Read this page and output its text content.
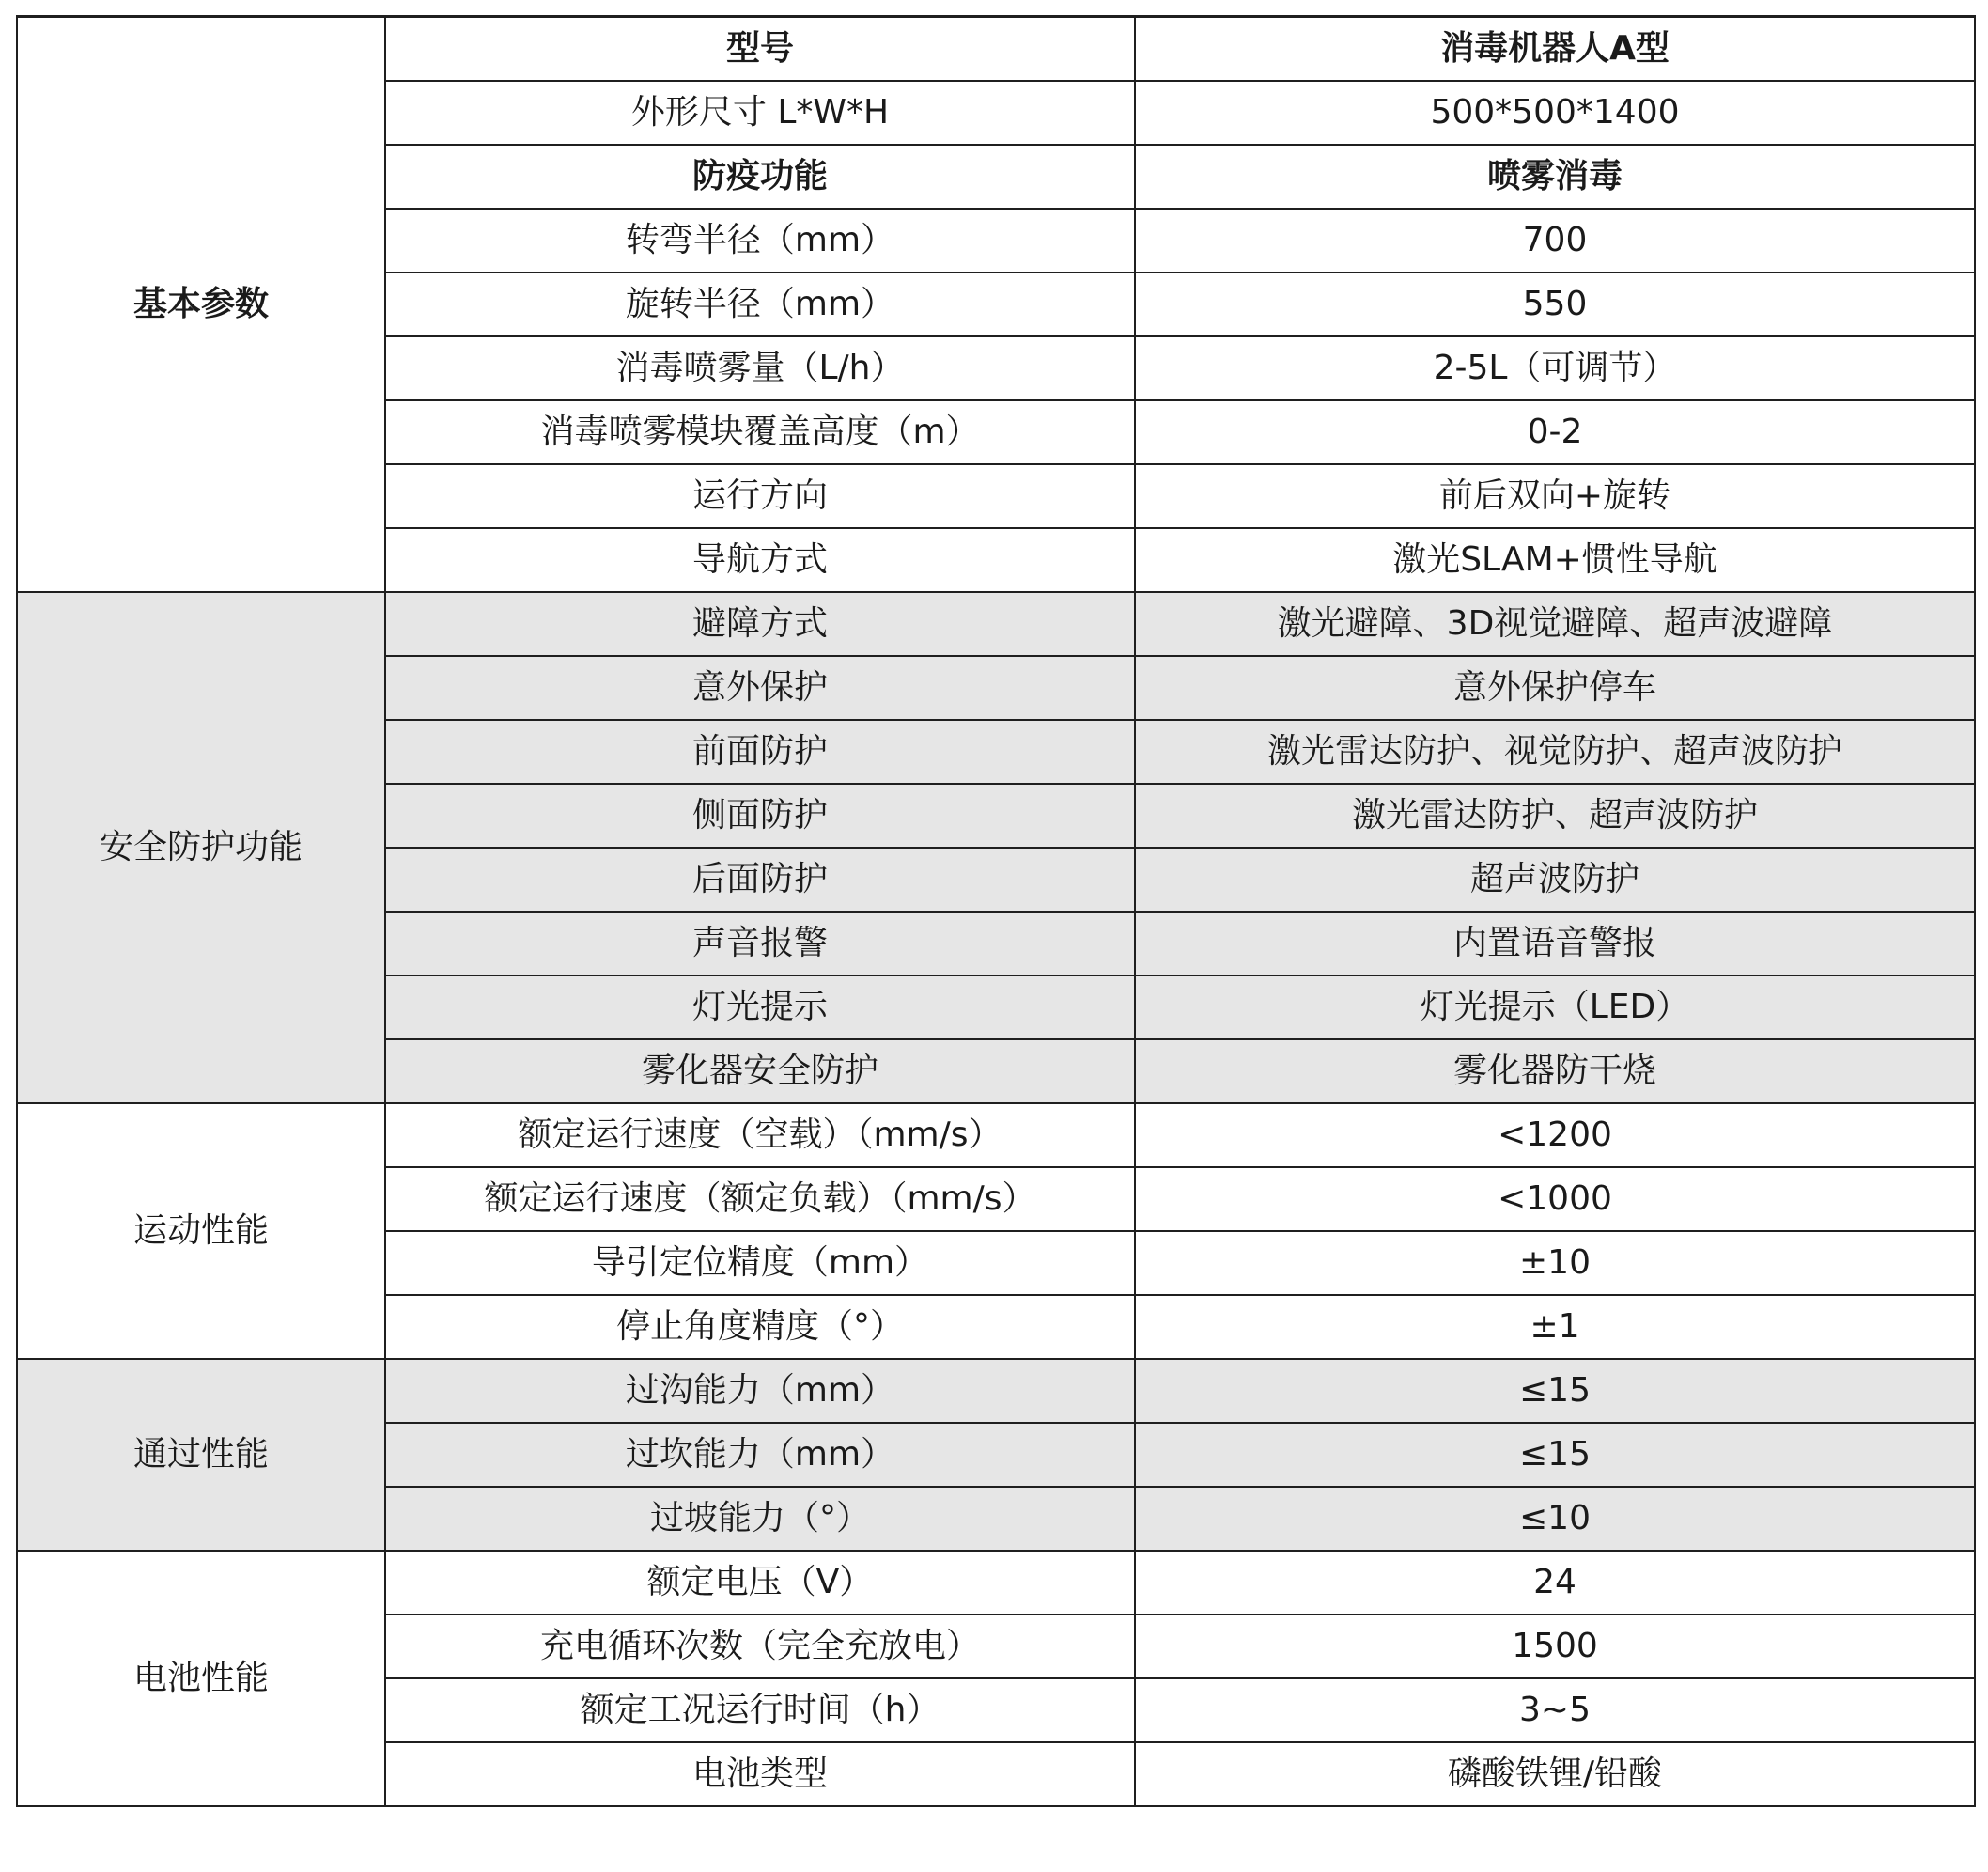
基本参数	型号	消毒机器人A型
	外形尺寸 L*W*H	500*500*1400
	防疫功能	喷雾消毒
	转弯半径（mm）	700
	旋转半径（mm）	550
	消毒喷雾量（L/h）	2-5L（可调节）
	消毒喷雾模块覆盖高度（m）	0-2
	运行方向	前后双向+旋转
	导航方式	激光SLAM+惯性导航
安全防护功能	避障方式	激光避障、3D视觉避障、超声波避障
	意外保护	意外保护停车
	前面防护	激光雷达防护、视觉防护、超声波防护
	侧面防护	激光雷达防护、超声波防护
	后面防护	超声波防护
	声音报警	内置语音警报
	灯光提示	灯光提示（LED）
	雾化器安全防护	雾化器防干烧
运动性能	额定运行速度（空载）（mm/s）	<1200
	额定运行速度（额定负载）（mm/s）	<1000
	导引定位精度（mm）	±10
	停止角度精度（°）	±1
通过性能	过沟能力（mm）	≤15
	过坎能力（mm）	≤15
	过坡能力（°）	≤10
电池性能	额定电压（V）	24
	充电循环次数（完全充放电）	1500
	额定工况运行时间（h）	3~5
	电池类型	磷酸铁锂/铅酸
